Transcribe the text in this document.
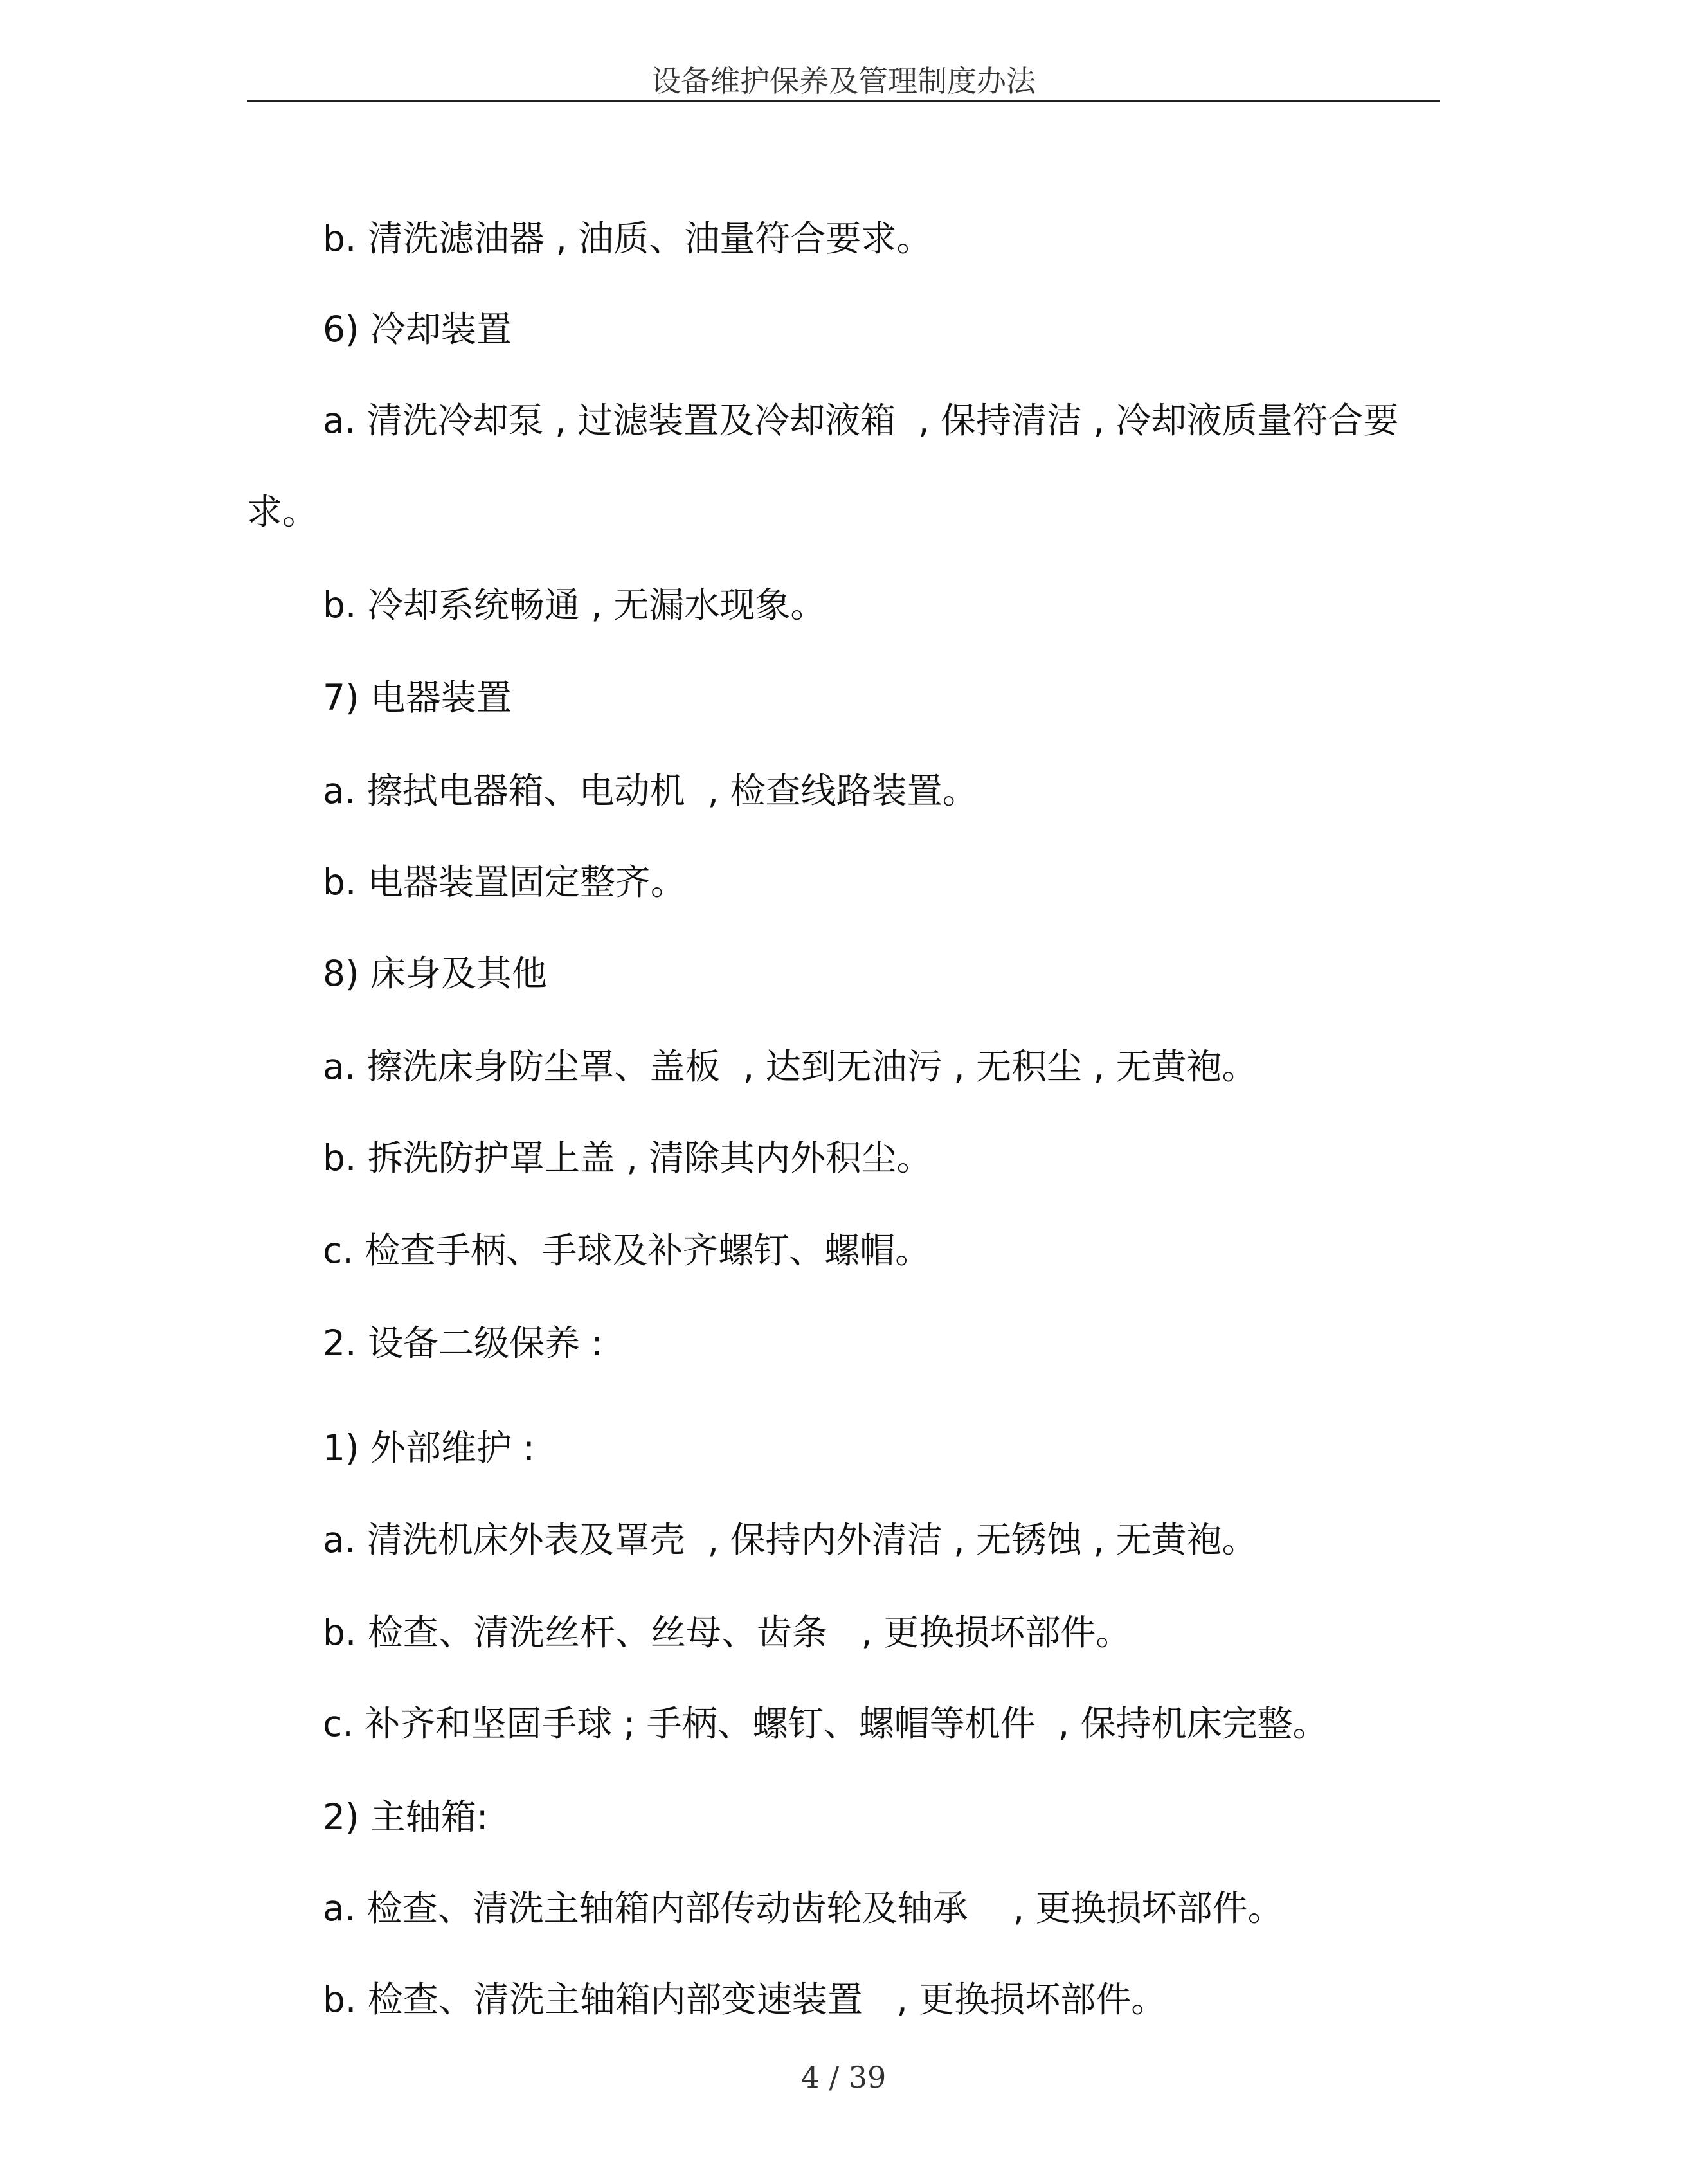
设备维护保养及管理制度办法
b. 清洗滤油器 , 油质、油量符合要求。
6) 冷却装置
a. 清洗冷却泵 , 过滤装置及冷却液箱  , 保持清洁 , 冷却液质量符合要
求。
b. 冷却系统畅通 , 无漏水现象。
7) 电器装置
a. 擦拭电器箱、电动机  , 检查线路装置。
b. 电器装置固定整齐。
8) 床身及其他
a. 擦洗床身防尘罩、盖板  , 达到无油污 , 无积尘 , 无黄袍。
b. 拆洗防护罩上盖 , 清除其内外积尘。
c. 检查手柄、手球及补齐螺钉、螺帽。
2. 设备二级保养 :
1) 外部维护 :
a. 清洗机床外表及罩壳  , 保持内外清洁 , 无锈蚀 , 无黄袍。
b. 检查、清洗丝杆、丝母、齿条   , 更换损坏部件。
c. 补齐和坚固手球 ; 手柄、螺钉、螺帽等机件  , 保持机床完整。
2) 主轴箱:
a. 检查、清洗主轴箱内部传动齿轮及轴承    , 更换损坏部件。
b. 检查、清洗主轴箱内部变速装置   , 更换损坏部件。
4 / 39
